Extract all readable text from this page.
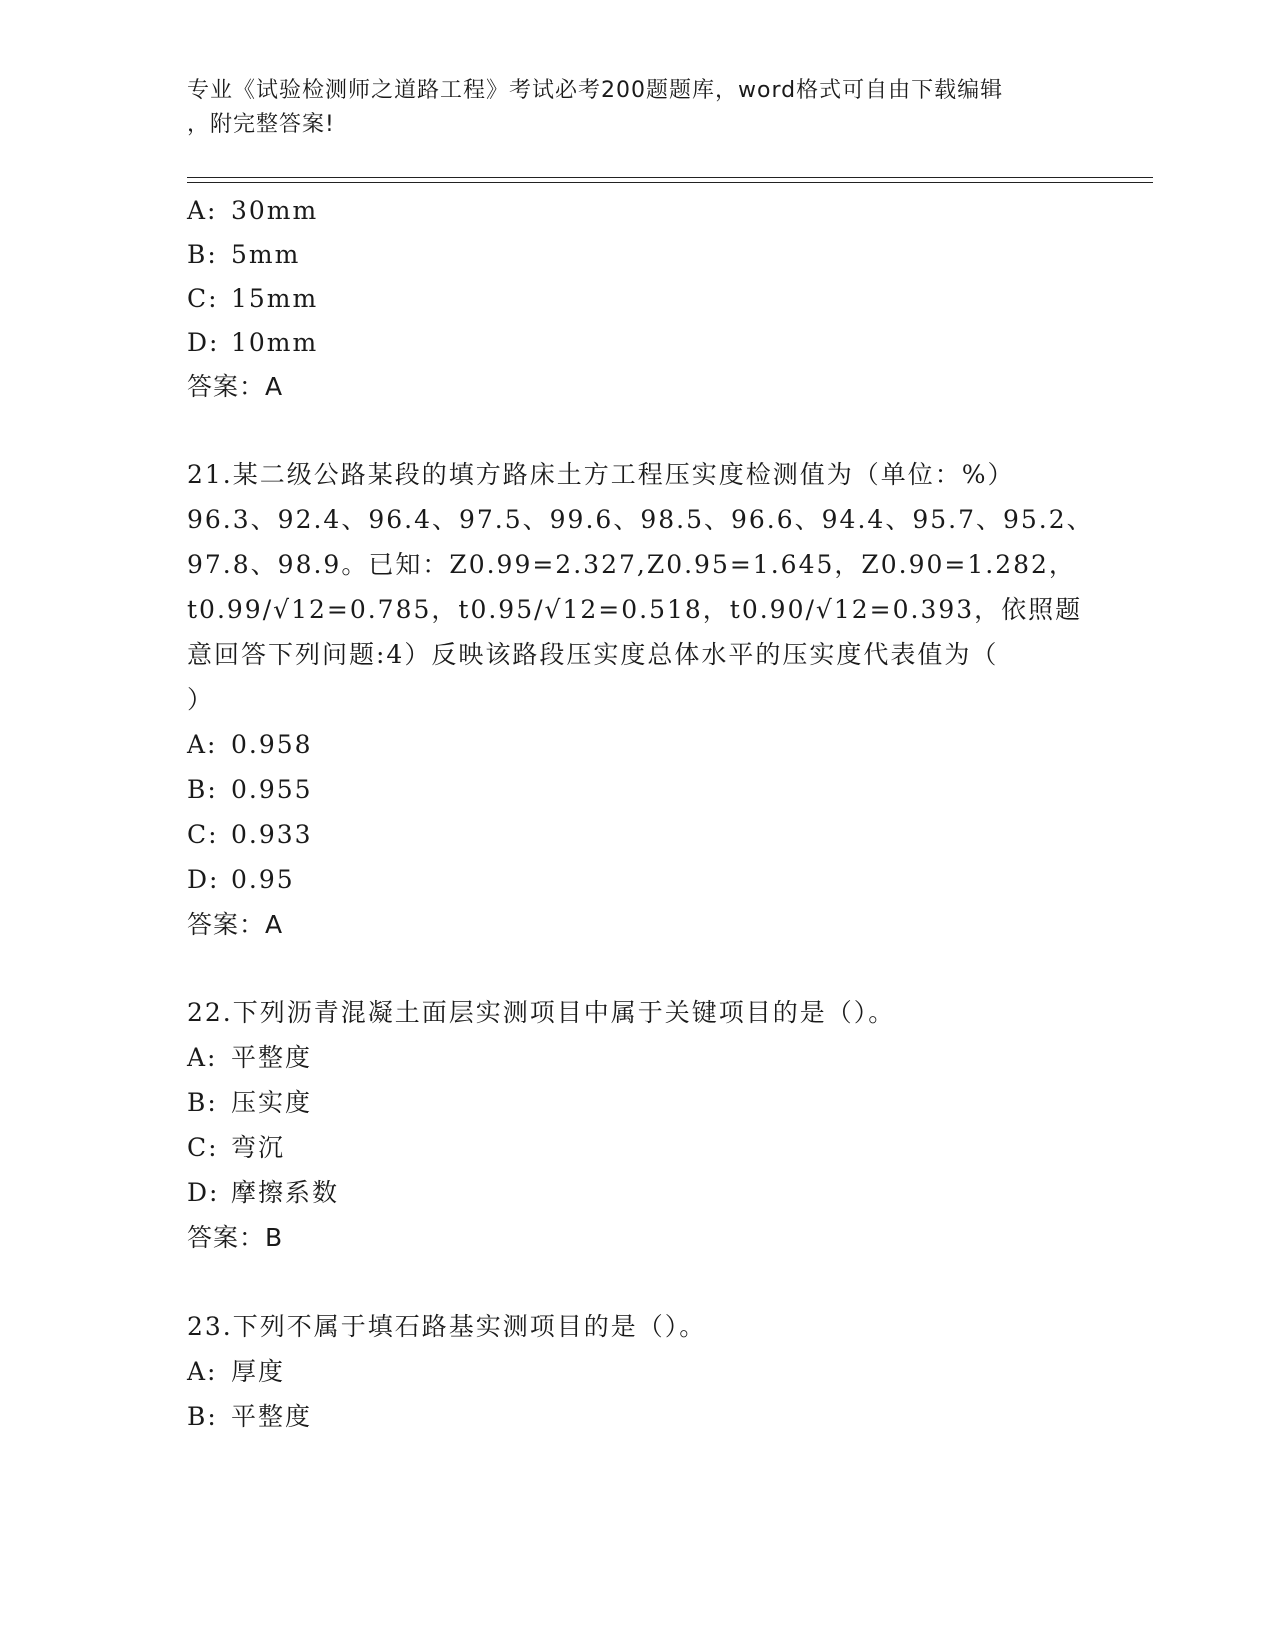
专业《试验检测师之道路工程》考试必考200题题库，word格式可自由下载编辑
，附完整答案!
A: 30mm
B: 5mm
C: 15mm
D: 10mm
答案：A
21.某二级公路某段的填方路床土方工程压实度检测值为（单位：%）
96.3、92.4、96.4、97.5、99.6、98.5、96.6、94.4、95.7、95.2、
97.8、98.9。已知：Z0.99=2.327,Z0.95=1.645，Z0.90=1.282，
t0.99/√12=0.785，t0.95/√12=0.518，t0.90/√12=0.393，依照题
意回答下列问题:4）反映该路段压实度总体水平的压实度代表值为（
）
A: 0.958
B: 0.955
C: 0.933
D: 0.95
答案：A
22.下列沥青混凝土面层实测项目中属于关键项目的是（）。
A: 平整度
B: 压实度
C: 弯沉
D: 摩擦系数
答案：B
23.下列不属于填石路基实测项目的是（）。
A: 厚度
B: 平整度
